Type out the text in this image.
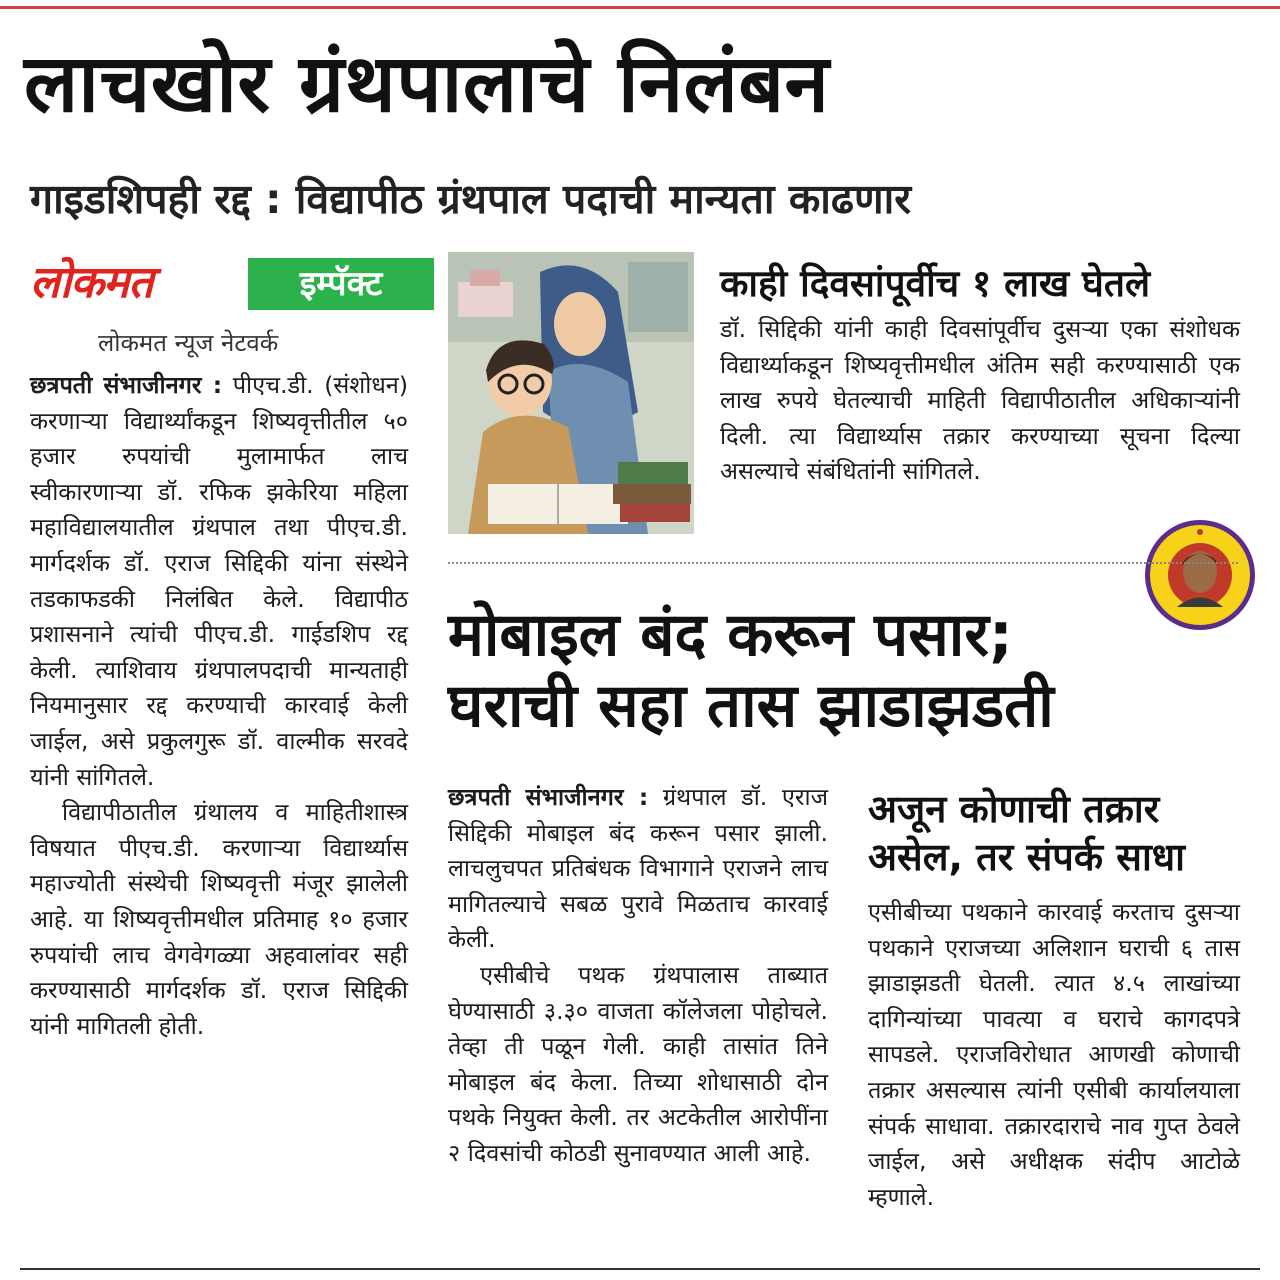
लाचखोर ग्रंथपालाचे निलंबन
गाइडशिपही रद्द : विद्यापीठ ग्रंथपाल पदाची मान्यता काढणार
लोकमत	इम्पॅक्ट
लोकमत न्यूज नेटवर्क
छत्रपती संभाजीनगर : पीएच.डी. (संशोधन) करणाऱ्या विद्यार्थ्यांकडून शिष्यवृत्तीतील ५० हजार रुपयांची मुलामार्फत लाच स्वीकारणाऱ्या डॉ. रफिक झकेरिया महिला महाविद्यालयातील ग्रंथपाल तथा पीएच.डी. मार्गदर्शक डॉ. एराज सिद्दिकी यांना संस्थेने तडकाफडकी निलंबित केले. विद्यापीठ प्रशासनाने त्यांची पीएच.डी. गाईडशिप रद्द केली. त्याशिवाय ग्रंथपालपदाची मान्यताही नियमानुसार रद्द करण्याची कारवाई केली जाईल, असे प्रकुलगुरू डॉ. वाल्मीक सरवदे यांनी सांगितले.
विद्यापीठातील ग्रंथालय व माहितीशास्त्र विषयात पीएच.डी. करणाऱ्या विद्यार्थ्यास महाज्योती संस्थेची शिष्यवृत्ती मंजूर झालेली आहे. या शिष्यवृत्तीमधील प्रतिमाह १० हजार रुपयांची लाच वेगवेगळ्या अहवालांवर सही करण्यासाठी मार्गदर्शक डॉ. एराज सिद्दिकी यांनी मागितली होती.
काही दिवसांपूर्वीच १ लाख घेतले
डॉ. सिद्दिकी यांनी काही दिवसांपूर्वीच दुसऱ्या एका संशोधक विद्यार्थ्याकडून शिष्यवृत्तीमधील अंतिम सही करण्यासाठी एक लाख रुपये घेतल्याची माहिती विद्यापीठातील अधिकाऱ्यांनी दिली. त्या विद्यार्थ्यास तक्रार करण्याच्या सूचना दिल्या असल्याचे संबंधितांनी सांगितले.
मोबाइल बंद करून पसार;
घराची सहा तास झाडाझडती
छत्रपती संभाजीनगर : ग्रंथपाल डॉ. एराज सिद्दिकी मोबाइल बंद करून पसार झाली. लाचलुचपत प्रतिबंधक विभागाने एराजने लाच मागितल्याचे सबळ पुरावे मिळताच कारवाई केली.
एसीबीचे पथक ग्रंथपालास ताब्यात घेण्यासाठी ३.३० वाजता कॉलेजला पोहोचले. तेव्हा ती पळून गेली. काही तासांत तिने मोबाइल बंद केला. तिच्या शोधासाठी दोन पथके नियुक्त केली. तर अटकेतील आरोपींना २ दिवसांची कोठडी सुनावण्यात आली आहे.
अजून कोणाची तक्रार
असेल, तर संपर्क साधा
एसीबीच्या पथकाने कारवाई करताच दुसऱ्या पथकाने एराजच्या अलिशान घराची ६ तास झाडाझडती घेतली. त्यात ४.५ लाखांच्या दागिन्यांच्या पावत्या व घराचे कागदपत्रे सापडले. एराजविरोधात आणखी कोणाची तक्रार असल्यास त्यांनी एसीबी कार्यालयाला संपर्क साधावा. तक्रारदाराचे नाव गुप्त ठेवले जाईल, असे अधीक्षक संदीप आटोळे म्हणाले.
